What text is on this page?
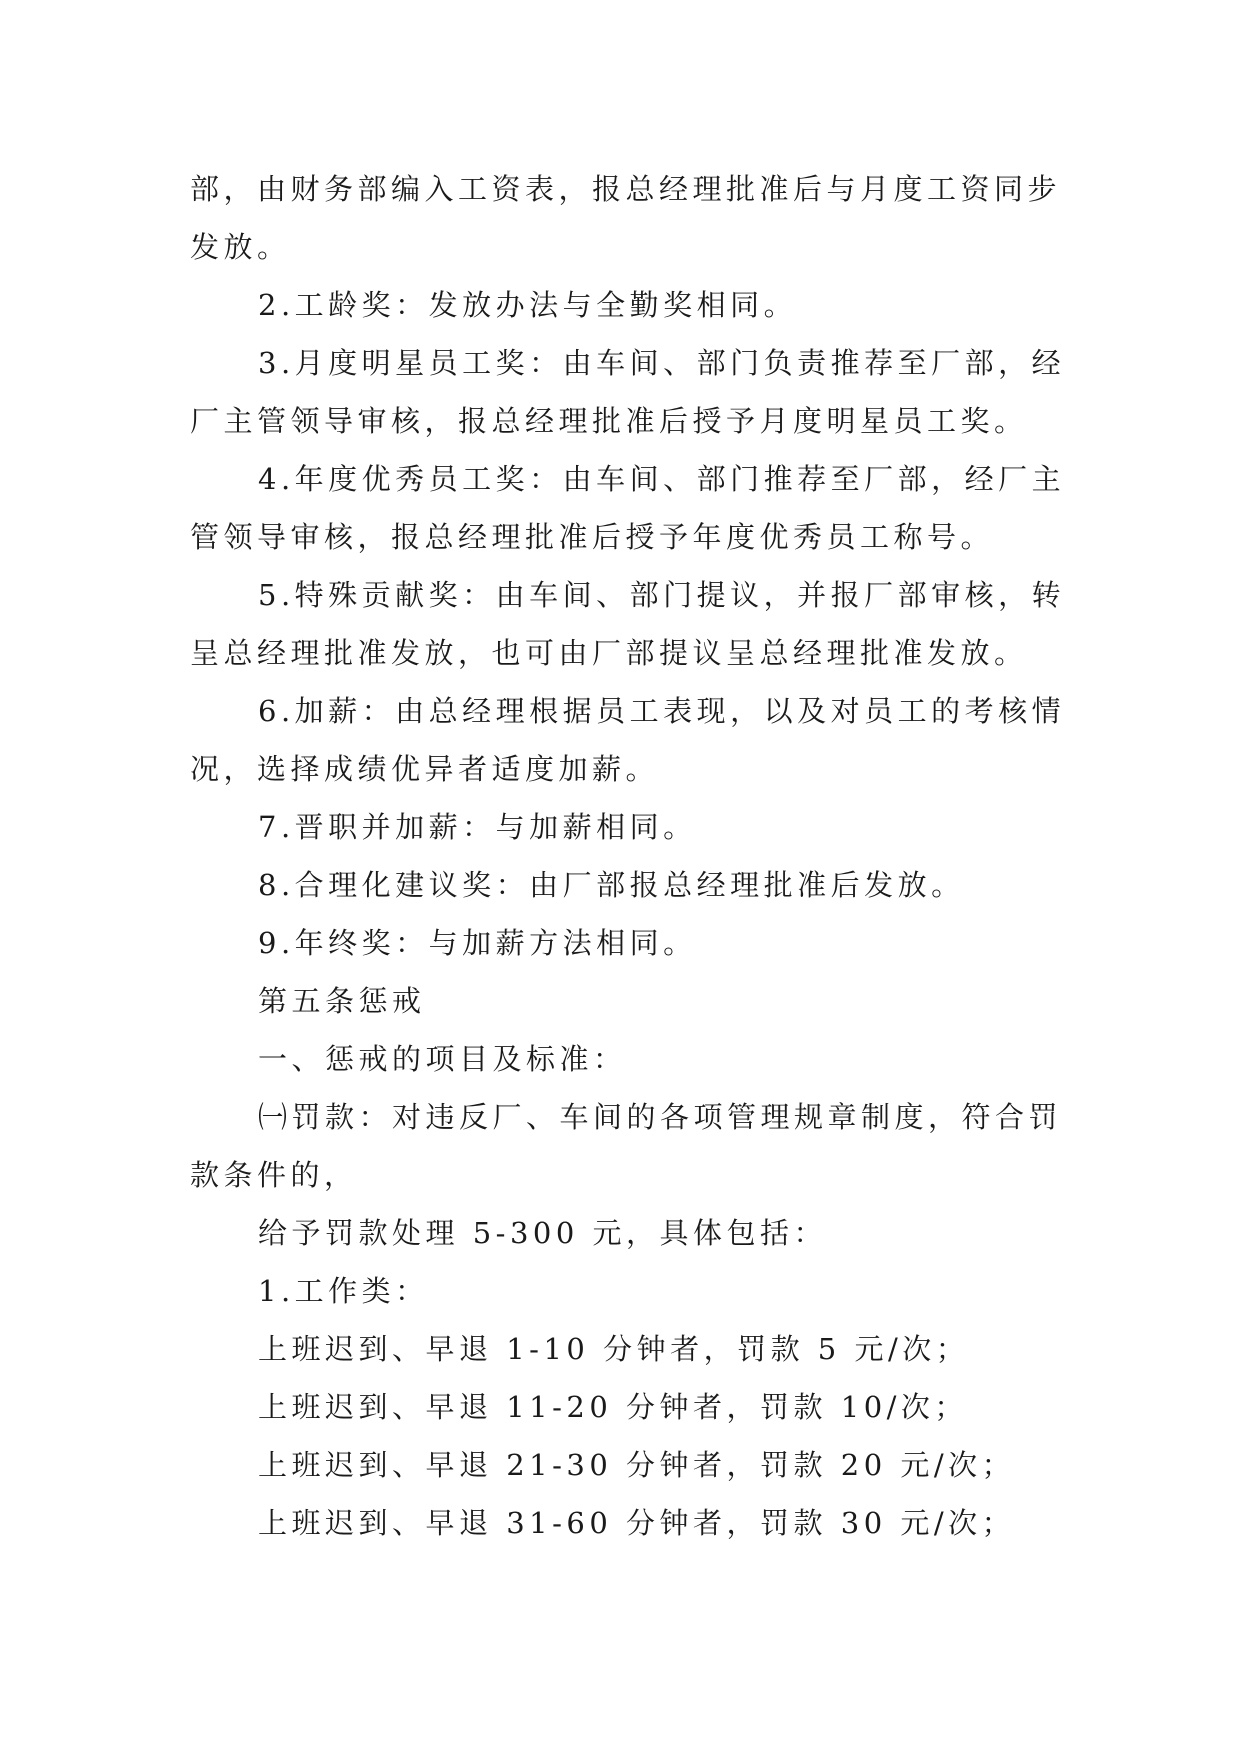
部，由财务部编入工资表，报总经理批准后与月度工资同步
发放。
2.工龄奖：发放办法与全勤奖相同。
3.月度明星员工奖：由车间、部门负责推荐至厂部，经
厂主管领导审核，报总经理批准后授予月度明星员工奖。
4.年度优秀员工奖：由车间、部门推荐至厂部，经厂主
管领导审核，报总经理批准后授予年度优秀员工称号。
5.特殊贡献奖：由车间、部门提议，并报厂部审核，转
呈总经理批准发放，也可由厂部提议呈总经理批准发放。
6.加薪：由总经理根据员工表现，以及对员工的考核情
况，选择成绩优异者适度加薪。
7.晋职并加薪：与加薪相同。
8.合理化建议奖：由厂部报总经理批准后发放。
9.年终奖：与加薪方法相同。
第五条惩戒
一、惩戒的项目及标准：
㈠罚款：对违反厂、车间的各项管理规章制度，符合罚
款条件的，
给予罚款处理 5-300 元，具体包括：
1.工作类：
上班迟到、早退 1-10 分钟者，罚款 5 元/次；
上班迟到、早退 11-20 分钟者，罚款 10/次；
上班迟到、早退 21-30 分钟者，罚款 20 元/次；
上班迟到、早退 31-60 分钟者，罚款 30 元/次；
